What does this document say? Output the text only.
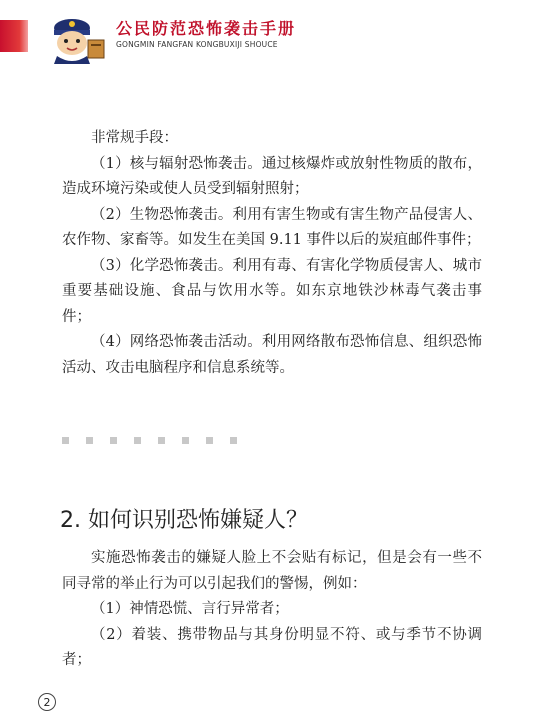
公民防范恐怖袭击手册
GONGMIN FANGFAN KONGBUXIJI SHOUCE

非常规手段：

（1）核与辐射恐怖袭击。通过核爆炸或放射性物质的散布，造成环境污染或使人员受到辐射照射；

（2）生物恐怖袭击。利用有害生物或有害生物产品侵害人、农作物、家畜等。如发生在美国 9.11 事件以后的炭疽邮件事件；

（3）化学恐怖袭击。利用有毒、有害化学物质侵害人、城市重要基础设施、食品与饮用水等。如东京地铁沙林毒气袭击事件；

（4）网络恐怖袭击活动。利用网络散布恐怖信息、组织恐怖活动、攻击电脑程序和信息系统等。

2. 如何识别恐怖嫌疑人？

实施恐怖袭击的嫌疑人脸上不会贴有标记，但是会有一些不同寻常的举止行为可以引起我们的警惕，例如：

（1）神情恐慌、言行异常者；

（2）着装、携带物品与其身份明显不符、或与季节不协调者；

2
